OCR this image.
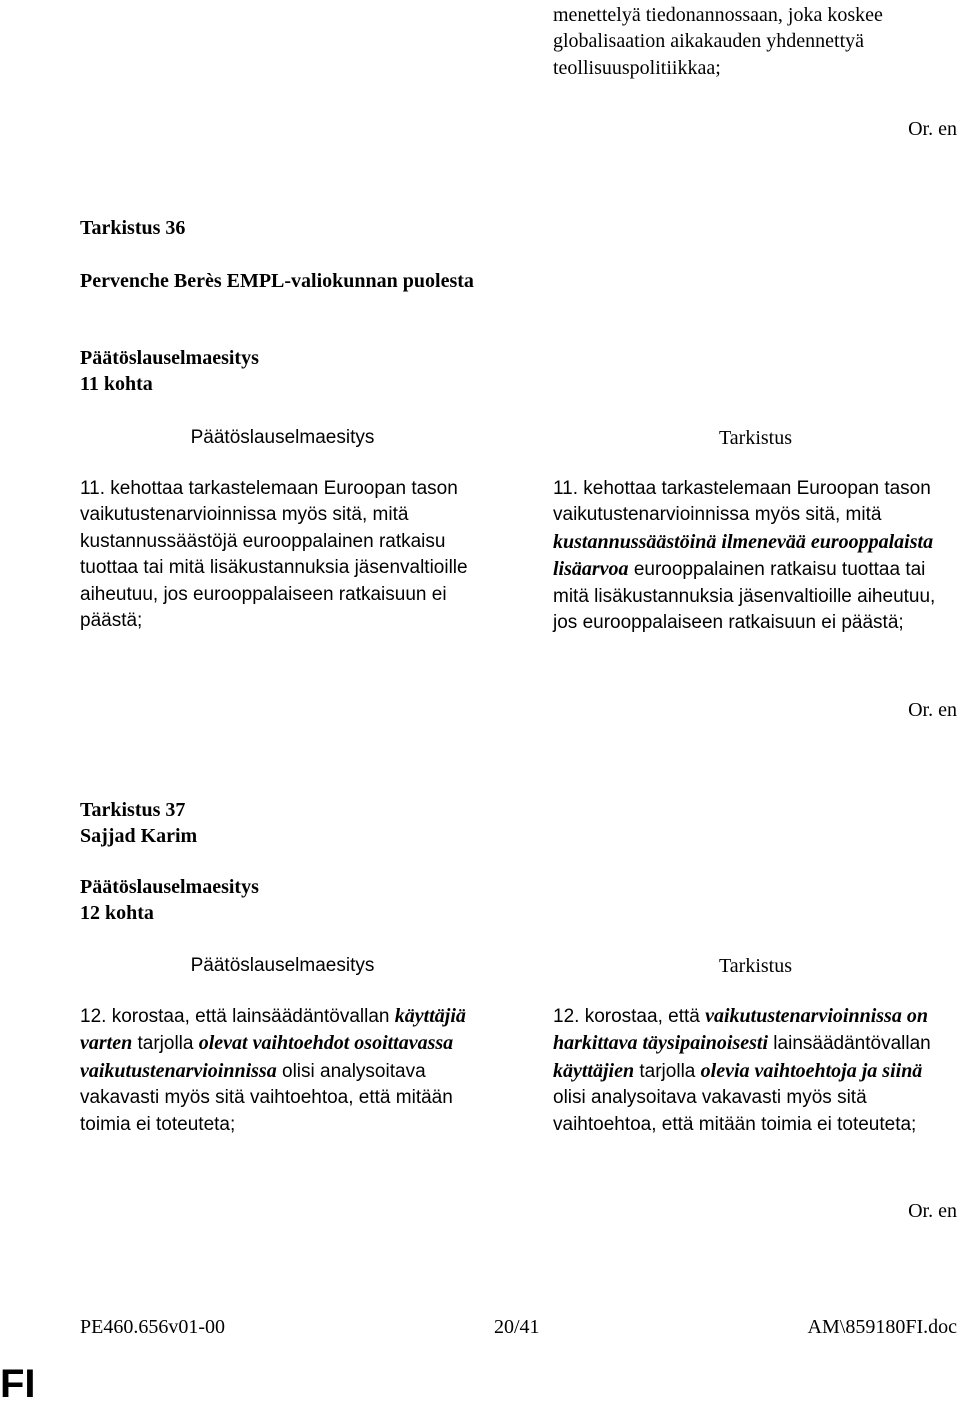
menettelyä tiedonannossaan, joka koskee
globalisaation aikakauden yhdennettyä
teollisuuspolitiikkaa;
Or. en
Tarkistus 36
Pervenche Berès EMPL-valiokunnan puolesta
Päätöslauselmaesitys
11 kohta
Päätöslauselmaesitys	Tarkistus
11. kehottaa tarkastelemaan Euroopan tason vaikutustenarvioinnissa myös sitä, mitä kustannussäästöjä eurooppalainen ratkaisu tuottaa tai mitä lisäkustannuksia jäsenvaltioille aiheutuu, jos eurooppalaiseen ratkaisuun ei päästä;
11. kehottaa tarkastelemaan Euroopan tason vaikutustenarvioinnissa myös sitä, mitä kustannussäästöinä ilmenevää eurooppalaista lisäarvoa eurooppalainen ratkaisu tuottaa tai mitä lisäkustannuksia jäsenvaltioille aiheutuu, jos eurooppalaiseen ratkaisuun ei päästä;
Or. en
Tarkistus 37
Sajjad Karim
Päätöslauselmaesitys
12 kohta
Päätöslauselmaesitys	Tarkistus
12. korostaa, että lainsäädäntövallan käyttäjiä varten tarjolla olevat vaihtoehdot osoittavassa vaikutustenarvioinnissa olisi analysoitava vakavasti myös sitä vaihtoehtoa, että mitään toimia ei toteuteta;
12. korostaa, että vaikutustenarvioinnissa on harkittava täysipainoisesti lainsäädäntövallan käyttäjien tarjolla olevia vaihtoehtoja ja siinä olisi analysoitava vakavasti myös sitä vaihtoehtoa, että mitään toimia ei toteuteta;
Or. en
PE460.656v01-00	20/41	AM\859180FI.doc
FI
